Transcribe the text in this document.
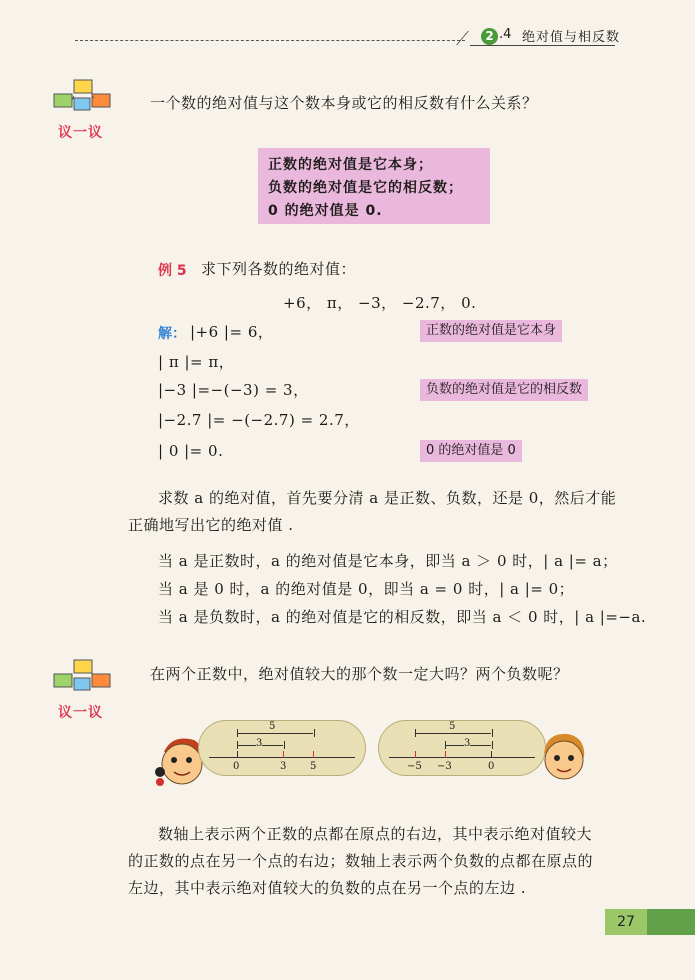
2 .4 绝对值与相反数
议一议
一个数的绝对值与这个数本身或它的相反数有什么关系？
正数的绝对值是它本身；
负数的绝对值是它的相反数；
0 的绝对值是 0.
例 5 求下列各数的绝对值：
+6， π， −3， −2.7， 0.
解： |+6 |= 6，
| π |= π，
|−3 |=−(−3) = 3，
|−2.7 |= −(−2.7) = 2.7，
| 0 |= 0.
正数的绝对值是它本身
负数的绝对值是它的相反数
0 的绝对值是 0
求数 a 的绝对值，首先要分清 a 是正数、负数，还是 0，然后才能
正确地写出它的绝对值 .
当 a 是正数时，a 的绝对值是它本身，即当 a ＞ 0 时，| a |= a；
当 a 是 0 时，a 的绝对值是 0，即当 a = 0 时，| a |= 0；
当 a 是负数时，a 的绝对值是它的相反数，即当 a ＜ 0 时，| a |=−a.
议一议
在两个正数中，绝对值较大的那个数一定大吗？两个负数呢？
0	3 5
5
3
−5 −3	0
5
3
数轴上表示两个正数的点都在原点的右边，其中表示绝对值较大
的正数的点在另一个点的右边；数轴上表示两个负数的点都在原点的
左边，其中表示绝对值较大的负数的点在另一个点的左边 .
27
